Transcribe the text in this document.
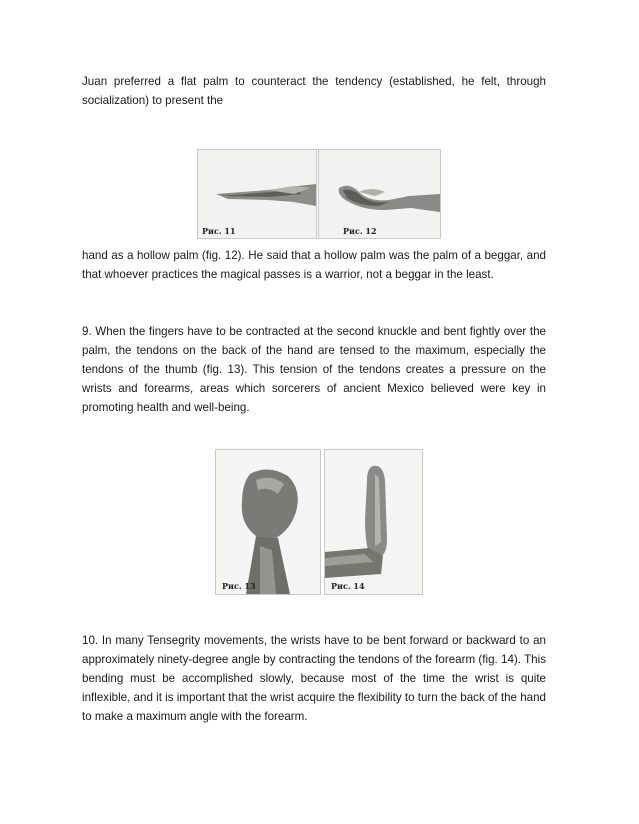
Juan preferred a flat palm to counteract the tendency (established, he felt, through socialization) to present the

Рис. 11	Рис. 12

hand as a hollow palm (fig. 12). He said that a hollow palm was the palm of a beggar, and that whoever practices the magical passes is a warrior, not a beggar in the least.

9. When the fingers have to be contracted at the second knuckle and bent fightly over the palm, the tendons on the back of the hand are tensed to the maximum, especially the tendons of the thumb (fig. 13). This tension of the tendons creates a pressure on the wrists and forearms, areas which sorcerers of ancient Mexico believed were key in promoting health and well-being.

Рис. 13	Рис. 14

10. In many Tensegrity movements, the wrists have to be bent forward or backward to an approximately ninety-degree angle by contracting the tendons of the forearm (fig. 14). This bending must be accomplished slowly, because most of the time the wrist is quite inflexible, and it is important that the wrist acquire the flexibility to turn the back of the hand to make a maximum angle with the forearm.
